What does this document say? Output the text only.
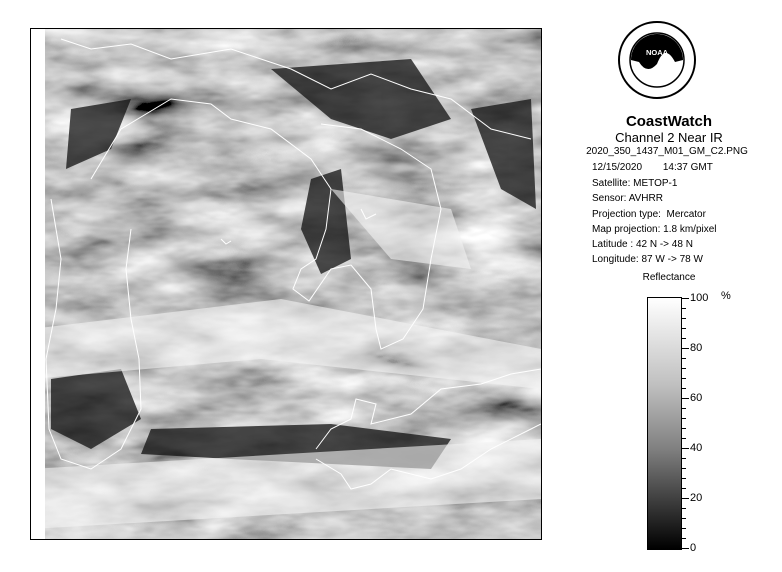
NOAA
CoastWatch
Channel 2 Near IR
2020_350_1437_M01_GM_C2.PNG
12/15/2020 14:37 GMT
Satellite: METOP-1
Sensor: AVHRR
Projection type: Mercator
Map projection: 1.8 km/pixel
Latitude : 42 N -> 48 N
Longitude: 87 W -> 78 W
Reflectance
%
100
80
60
40
20
0
